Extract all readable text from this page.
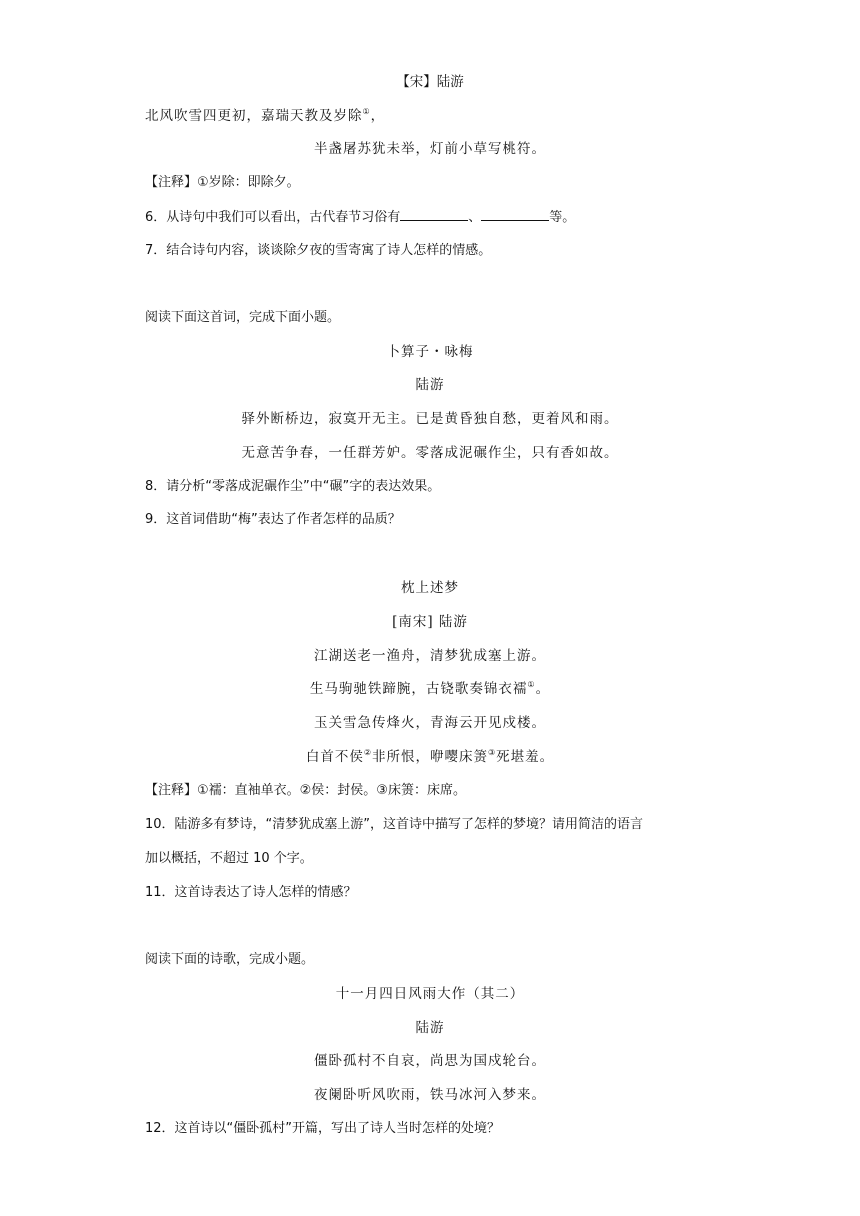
【宋】陆游
北风吹雪四更初，嘉瑞天教及岁除①，
半盏屠苏犹未举，灯前小草写桃符。
【注释】①岁除：即除夕。
6．从诗句中我们可以看出，古代春节习俗有	、	等。
7．结合诗句内容，谈谈除夕夜的雪寄寓了诗人怎样的情感。
阅读下面这首词，完成下面小题。
卜算子・咏梅
陆游
驿外断桥边，寂寞开无主。已是黄昏独自愁，更着风和雨。
无意苦争春，一任群芳妒。零落成泥碾作尘，只有香如故。
8．请分析“零落成泥碾作尘”中“碾”字的表达效果。
9．这首词借助“梅”表达了作者怎样的品质？
枕上述梦
[南宋] 陆游
江湖送老一渔舟，清梦犹成塞上游。
生马驹驰铁蹄腕，古铙歌奏锦衣襦①。
玉关雪急传烽火，青海云开见戍楼。
白首不侯②非所恨，咿嘤床箦③死堪羞。
【注释】①襦：直袖单衣。②侯：封侯。③床箦：床席。
10．陆游多有梦诗，“清梦犹成塞上游”，这首诗中描写了怎样的梦境？请用简洁的语言
加以概括，不超过 10 个字。
11．这首诗表达了诗人怎样的情感？
阅读下面的诗歌，完成小题。
十一月四日风雨大作（其二）
陆游
僵卧孤村不自哀，尚思为国戍轮台。
夜阑卧听风吹雨，铁马冰河入梦来。
12．这首诗以“僵卧孤村”开篇，写出了诗人当时怎样的处境？
